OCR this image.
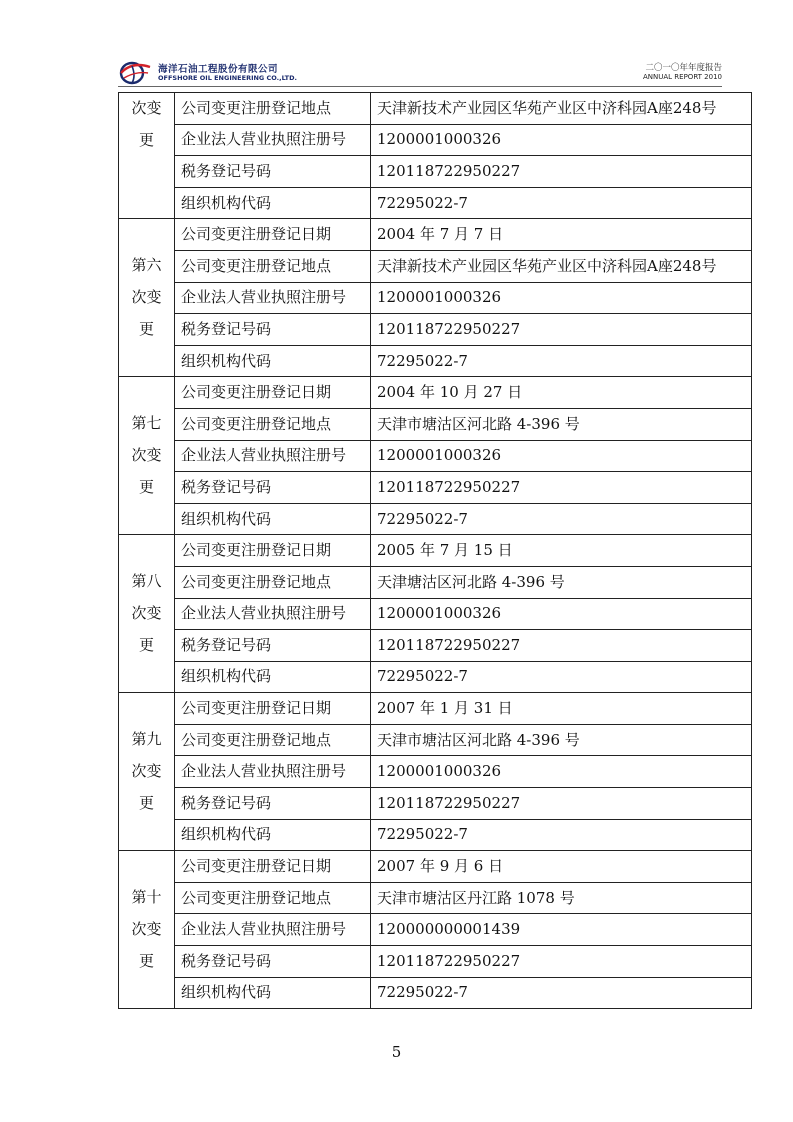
海洋石油工程股份有限公司
OFFSHORE OIL ENGINEERING CO.,LTD.
二〇一〇年年度报告
ANNUAL REPORT 2010
次变更	公司变更注册登记地点	天津新技术产业园区华苑产业区中济科园A座248号
	企业法人营业执照注册号	1200001000326
	税务登记号码	120118722950227
	组织机构代码	72295022-7

第六次变更	公司变更注册登记日期	2004 年 7 月 7 日
	公司变更注册登记地点	天津新技术产业园区华苑产业区中济科园A座248号
	企业法人营业执照注册号	1200001000326
	税务登记号码	120118722950227
	组织机构代码	72295022-7

第七次变更	公司变更注册登记日期	2004 年 10 月 27 日
	公司变更注册登记地点	天津市塘沽区河北路 4-396 号
	企业法人营业执照注册号	1200001000326
	税务登记号码	120118722950227
	组织机构代码	72295022-7

第八次变更	公司变更注册登记日期	2005 年 7 月 15 日
	公司变更注册登记地点	天津塘沽区河北路 4-396 号
	企业法人营业执照注册号	1200001000326
	税务登记号码	120118722950227
	组织机构代码	72295022-7

第九次变更	公司变更注册登记日期	2007 年 1 月 31 日
	公司变更注册登记地点	天津市塘沽区河北路 4-396 号
	企业法人营业执照注册号	1200001000326
	税务登记号码	120118722950227
	组织机构代码	72295022-7

第十次变更	公司变更注册登记日期	2007 年 9 月 6 日
	公司变更注册登记地点	天津市塘沽区丹江路 1078 号
	企业法人营业执照注册号	120000000001439
	税务登记号码	120118722950227
	组织机构代码	72295022-7
5
